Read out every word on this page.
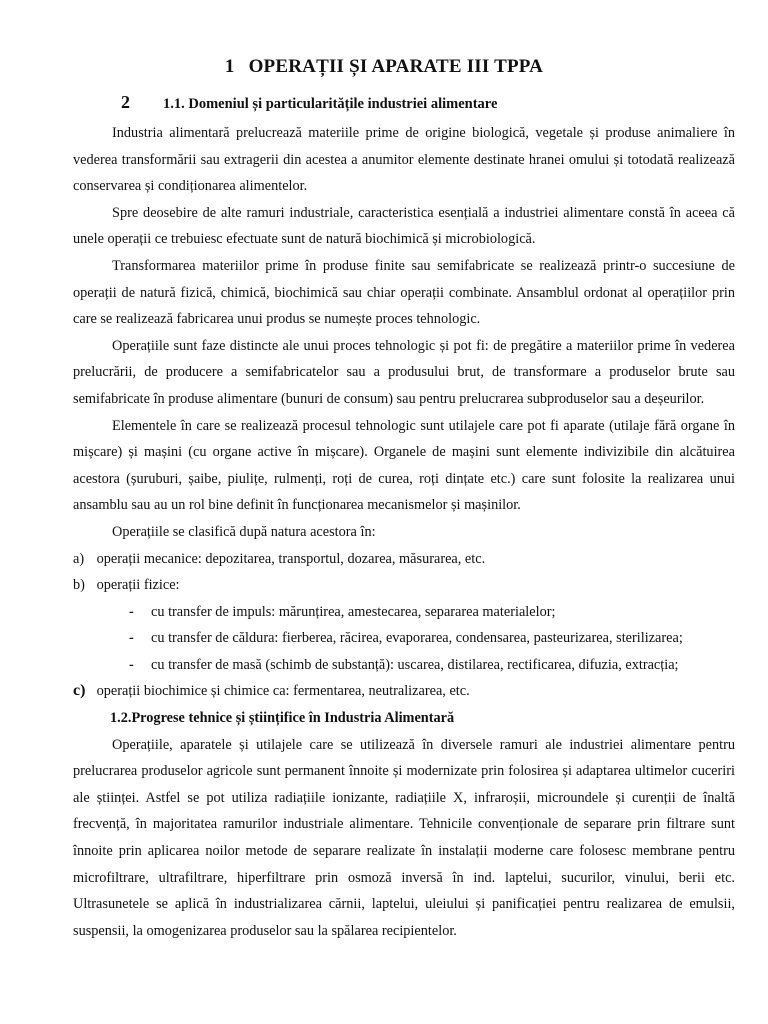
1 OPERAȚII ȘI APARATE III TPPA
2 1.1. Domeniul și particularitățile industriei alimentare

Industria alimentară prelucrează materiile prime de origine biologică, vegetale și produse animaliere în vederea transformării sau extragerii din acestea a anumitor elemente destinate hranei omului și totodată realizează conservarea și condiționarea alimentelor.

Spre deosebire de alte ramuri industriale, caracteristica esențială a industriei alimentare constă în aceea că unele operații ce trebuiesc efectuate sunt de natură biochimică și microbiologică.

Transformarea materiilor prime în produse finite sau semifabricate se realizează printr-o succesiune de operații de natură fizică, chimică, biochimică sau chiar operații combinate. Ansamblul ordonat al operațiilor prin care se realizează fabricarea unui produs se numește proces tehnologic.

Operațiile sunt faze distincte ale unui proces tehnologic și pot fi: de pregătire a materiilor prime în vederea prelucrării, de producere a semifabricatelor sau a produsului brut, de transformare a produselor brute sau semifabricate în produse alimentare (bunuri de consum) sau pentru prelucrarea subproduselor sau a deșeurilor.

Elementele în care se realizează procesul tehnologic sunt utilajele care pot fi aparate (utilaje fără organe în mișcare) și mașini (cu organe active în mișcare). Organele de mașini sunt elemente indivizibile din alcătuirea acestora (șuruburi, șaibe, piulițe, rulmenți, roți de curea, roți dințate etc.) care sunt folosite la realizarea unui ansamblu sau au un rol bine definit în funcționarea mecanismelor și mașinilor.

Operațiile se clasifică după natura acestora în:

a) operații mecanice: depozitarea, transportul, dozarea, măsurarea, etc.

b) operații fizice:

- cu transfer de impuls: mărunțirea, amestecarea, separarea materialelor;

- cu transfer de căldura: fierberea, răcirea, evaporarea, condensarea, pasteurizarea, sterilizarea;

- cu transfer de masă (schimb de substanță): uscarea, distilarea, rectificarea, difuzia, extracția;

c) operații biochimice și chimice ca: fermentarea, neutralizarea, etc.

1.2.Progrese tehnice și științifice în Industria Alimentară

Operațiile, aparatele și utilajele care se utilizează în diversele ramuri ale industriei alimentare pentru prelucrarea produselor agricole sunt permanent înnoite și modernizate prin folosirea și adaptarea ultimelor cuceriri ale științei. Astfel se pot utiliza radiațiile ionizante, radiațiile X, infraroșii, microundele și curenții de înaltă frecvență, în majoritatea ramurilor industriale alimentare. Tehnicile convenționale de separare prin filtrare sunt înnoite prin aplicarea noilor metode de separare realizate în instalații moderne care folosesc membrane pentru microfiltrare, ultrafiltrare, hiperfiltrare prin osmoză inversă în ind. laptelui, sucurilor, vinului, berii etc. Ultrasunetele se aplică în industrializarea cărnii, laptelui, uleiului și panificației pentru realizarea de emulsii, suspensii, la omogenizarea produselor sau la spălarea recipientelor.
